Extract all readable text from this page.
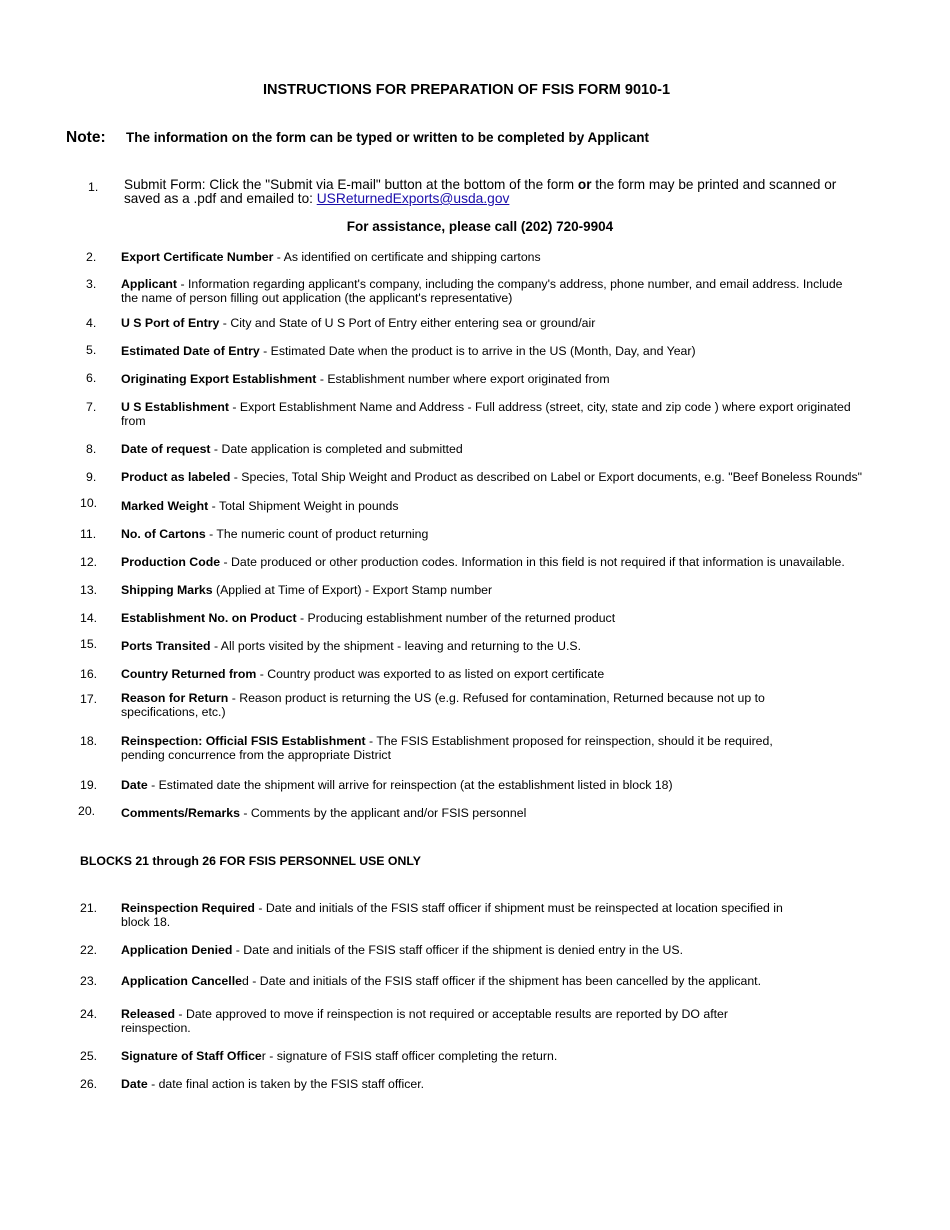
INSTRUCTIONS FOR PREPARATION OF FSIS FORM 9010-1
Note: The information on the form can be typed or written to be completed by Applicant
1. Submit Form: Click the "Submit via E-mail" button at the bottom of the form or the form may be printed and scanned or saved as a .pdf and emailed to: USReturnedExports@usda.gov
For assistance, please call (202) 720-9904
2. Export Certificate Number - As identified on certificate and shipping cartons
3. Applicant - Information regarding applicant's company, including the company's address, phone number, and email address. Include the name of person filling out application (the applicant's representative)
4. U S Port of Entry - City and State of U S Port of Entry either entering sea or ground/air
5. Estimated Date of Entry - Estimated Date when the product is to arrive in the US (Month, Day, and Year)
6. Originating Export Establishment - Establishment number where export originated from
7. U S Establishment - Export Establishment Name and Address - Full address (street, city, state and zip code ) where export originated from
8. Date of request - Date application is completed and submitted
9. Product as labeled - Species, Total Ship Weight and Product as described on Label or Export documents, e.g. "Beef Boneless Rounds"
10. Marked Weight - Total Shipment Weight in pounds
11. No. of Cartons - The numeric count of product returning
12. Production Code - Date produced or other production codes. Information in this field is not required if that information is unavailable.
13. Shipping Marks (Applied at Time of Export) - Export Stamp number
14. Establishment No. on Product - Producing establishment number of the returned product
15. Ports Transited - All ports visited by the shipment - leaving and returning to the U.S.
16. Country Returned from - Country product was exported to as listed on export certificate
17. Reason for Return - Reason product is returning the US (e.g. Refused for contamination, Returned because not up to specifications, etc.)
18. Reinspection: Official FSIS Establishment - The FSIS Establishment proposed for reinspection, should it be required, pending concurrence from the appropriate District
19. Date - Estimated date the shipment will arrive for reinspection (at the establishment listed in block 18)
20. Comments/Remarks - Comments by the applicant and/or FSIS personnel
BLOCKS 21 through 26 FOR FSIS PERSONNEL USE ONLY
21. Reinspection Required - Date and initials of the FSIS staff officer if shipment must be reinspected at location specified in block 18.
22. Application Denied - Date and initials of the FSIS staff officer if the shipment is denied entry in the US.
23. Application Cancelled - Date and initials of the FSIS staff officer if the shipment has been cancelled by the applicant.
24. Released - Date approved to move if reinspection is not required or acceptable results are reported by DO after reinspection.
25. Signature of Staff Officer - signature of FSIS staff officer completing the return.
26. Date - date final action is taken by the FSIS staff officer.
